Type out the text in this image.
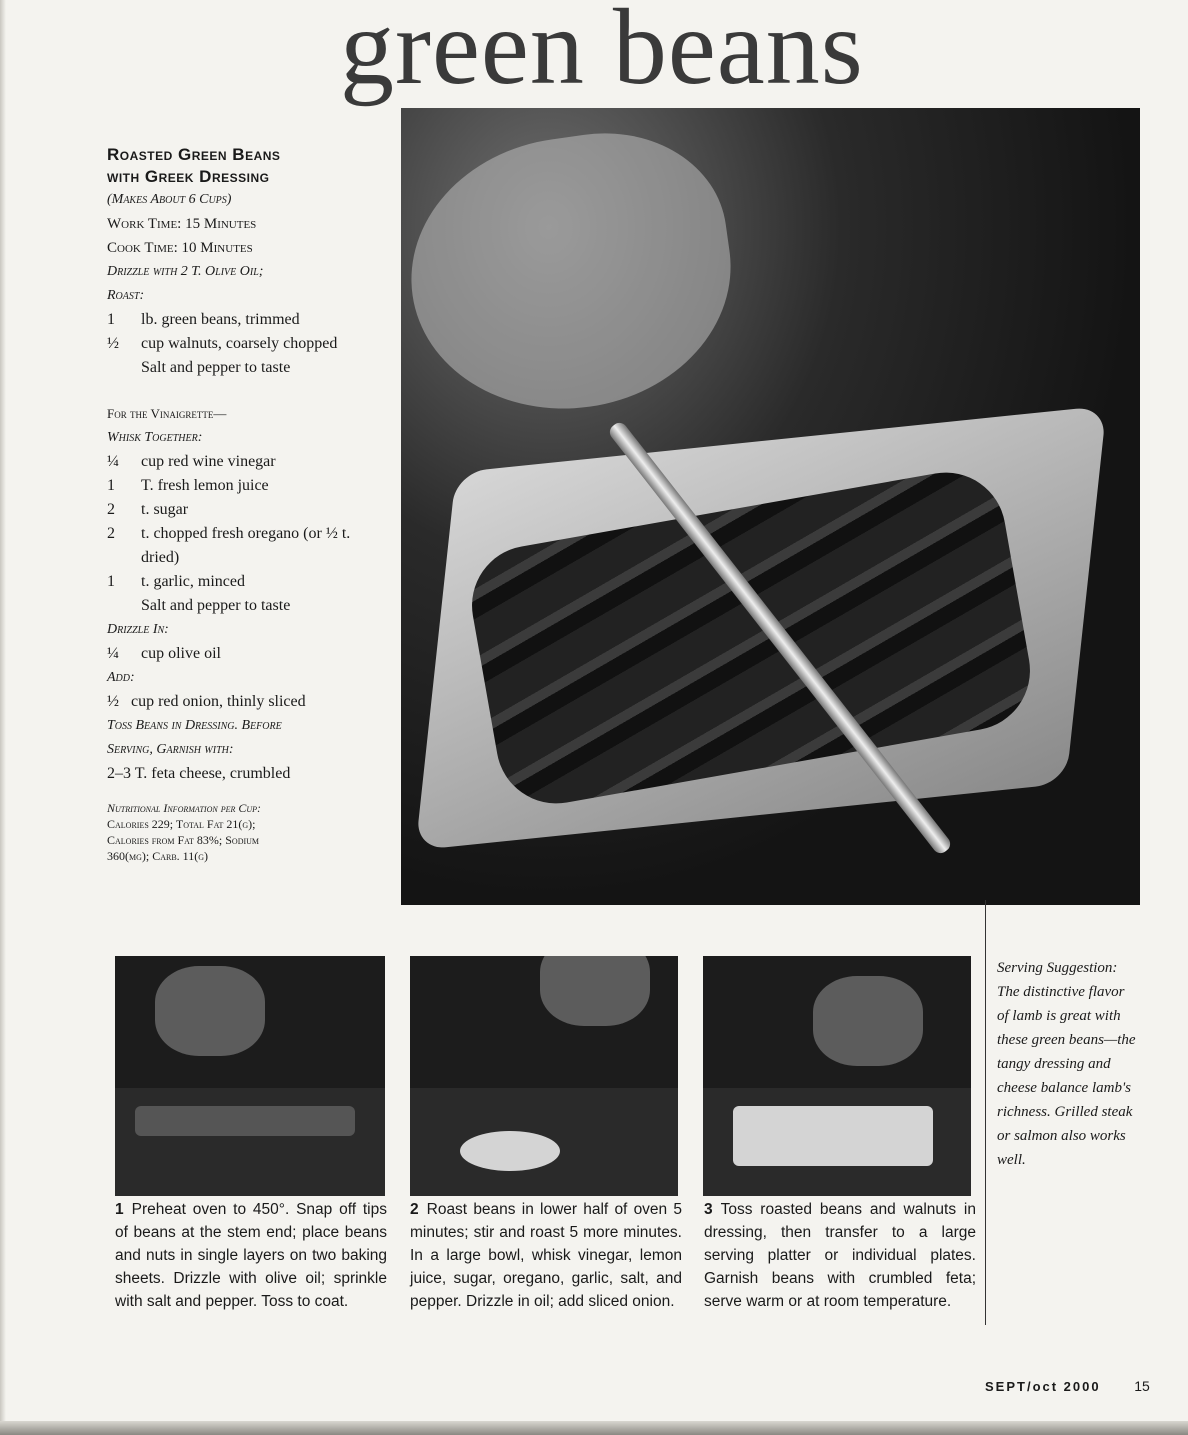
green beans
Roasted Green Beans
with Greek Dressing
(Makes About 6 Cups)
Work Time: 15 Minutes
Cook Time: 10 Minutes
Drizzle with 2 T. Olive Oil;
Roast:
1	lb. green beans, trimmed
½	cup walnuts, coarsely chopped
Salt and pepper to taste
For the Vinaigrette—
Whisk Together:
¼	cup red wine vinegar
1	T. fresh lemon juice
2	t. sugar
2	t. chopped fresh oregano (or ½ t. dried)
1	t. garlic, minced
Salt and pepper to taste
Drizzle In:
¼	cup olive oil
Add:
½ cup red onion, thinly sliced
Toss Beans in Dressing. Before
Serving, Garnish with:
2–3 T. feta cheese, crumbled
Nutritional Information per Cup:
Calories 229; Total Fat 21(g);
Calories from Fat 83%; Sodium
360(mg); Carb. 11(g)
1 Preheat oven to 450°. Snap off tips of beans at the stem end; place beans and nuts in single layers on two baking sheets. Drizzle with olive oil; sprinkle with salt and pepper. Toss to coat.
2 Roast beans in lower half of oven 5 minutes; stir and roast 5 more minutes. In a large bowl, whisk vinegar, lemon juice, sugar, oregano, garlic, salt, and pepper. Drizzle in oil; add sliced onion.
3 Toss roasted beans and walnuts in dressing, then transfer to a large serving platter or individual plates. Garnish beans with crumbled feta; serve warm or at room temperature.
Serving Suggestion: The distinctive flavor of lamb is great with these green beans—the tangy dressing and cheese balance lamb's richness. Grilled steak or salmon also works well.
SEPT/oct 2000 15
